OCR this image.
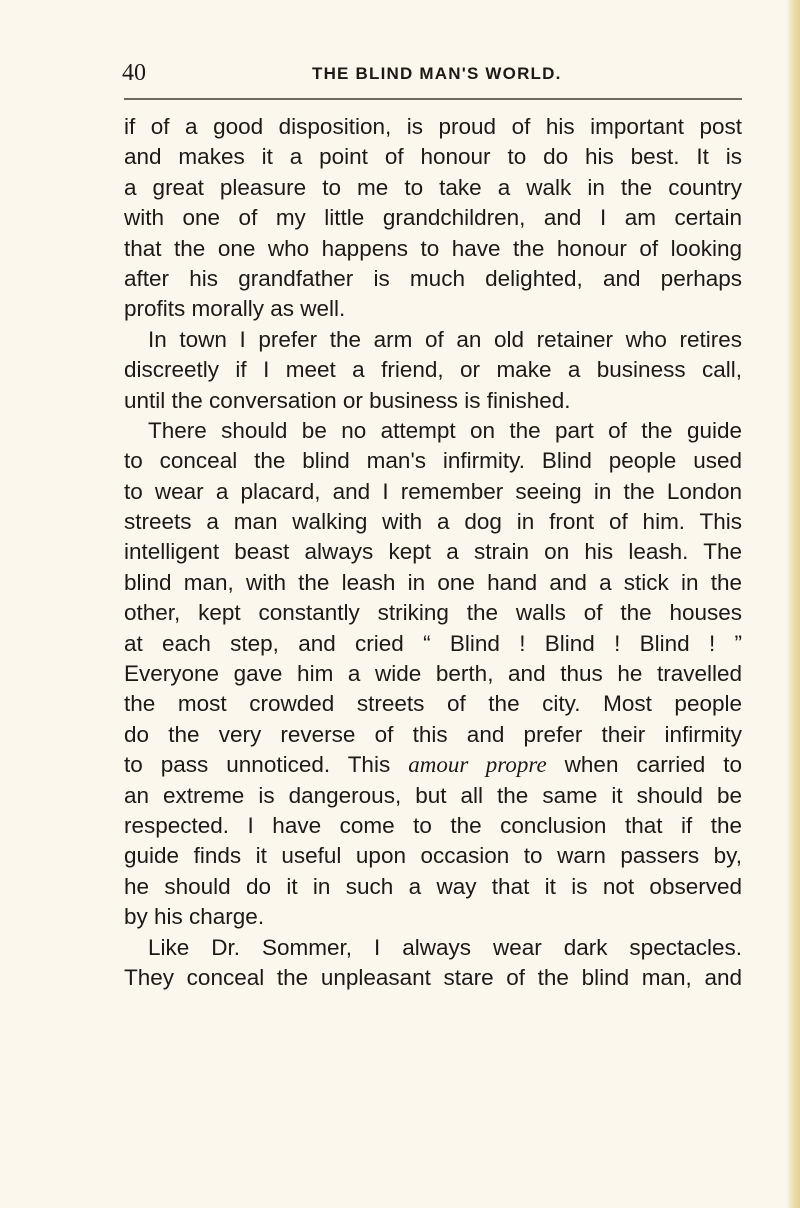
40	THE BLIND MAN'S WORLD.
if of a good disposition, is proud of his important post
and makes it a point of honour to do his best. It is
a great pleasure to me to take a walk in the country
with one of my little grandchildren, and I am certain
that the one who happens to have the honour of looking
after his grandfather is much delighted, and perhaps
profits morally as well.
In town I prefer the arm of an old retainer who retires
discreetly if I meet a friend, or make a business call,
until the conversation or business is finished.
There should be no attempt on the part of the guide
to conceal the blind man's infirmity. Blind people used
to wear a placard, and I remember seeing in the London
streets a man walking with a dog in front of him. This
intelligent beast always kept a strain on his leash. The
blind man, with the leash in one hand and a stick in the
other, kept constantly striking the walls of the houses
at each step, and cried “ Blind ! Blind ! Blind ! ”
Everyone gave him a wide berth, and thus he travelled
the most crowded streets of the city. Most people
do the very reverse of this and prefer their infirmity
to pass unnoticed. This amour propre when carried to
an extreme is dangerous, but all the same it should be
respected. I have come to the conclusion that if the
guide finds it useful upon occasion to warn passers by,
he should do it in such a way that it is not observed
by his charge.
Like Dr. Sommer, I always wear dark spectacles.
They conceal the unpleasant stare of the blind man, and
